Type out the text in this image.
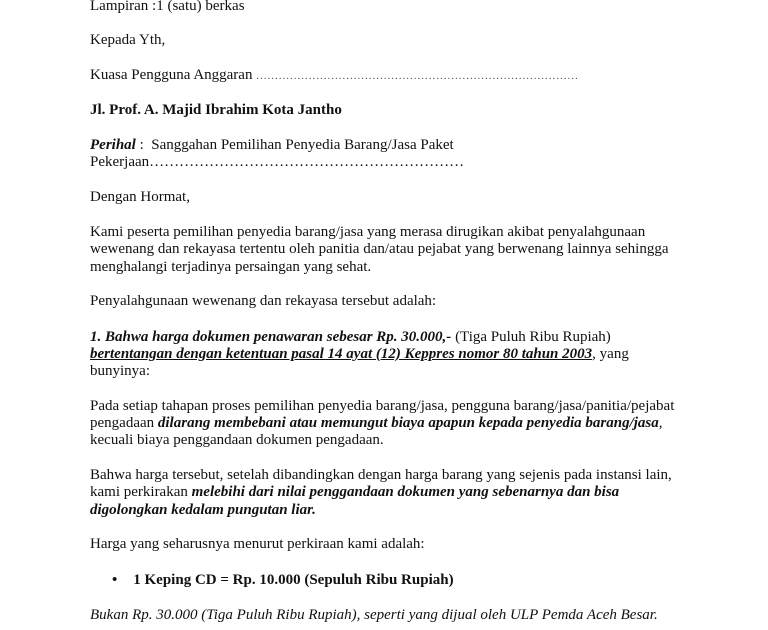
Lampiran :1 (satu) berkas
Kepada Yth,
Kuasa Pengguna Anggaran ......................................................................................
Jl. Prof. A. Majid Ibrahim Kota Jantho
Perihal :  Sanggahan Pemilihan Penyedia Barang/Jasa Paket
Pekerjaan………………………………………………………
Dengan Hormat,
Kami peserta pemilihan penyedia barang/jasa yang merasa dirugikan akibat penyalahgunaan
wewenang dan rekayasa tertentu oleh panitia dan/atau pejabat yang berwenang lainnya sehingga
menghalangi terjadinya persaingan yang sehat.
Penyalahgunaan wewenang dan rekayasa tersebut adalah:
1. Bahwa harga dokumen penawaran sebesar Rp. 30.000,- (Tiga Puluh Ribu Rupiah)
bertentangan dengan ketentuan pasal 14 ayat (12) Keppres nomor 80 tahun 2003, yang
bunyinya:
Pada setiap tahapan proses pemilihan penyedia barang/jasa, pengguna barang/jasa/panitia/pejabat
pengadaan dilarang membebani atau memungut biaya apapun kepada penyedia barang/jasa,
kecuali biaya penggandaan dokumen pengadaan.
Bahwa harga tersebut, setelah dibandingkan dengan harga barang yang sejenis pada instansi lain,
kami perkirakan melebihi dari nilai penggandaan dokumen yang sebenarnya dan bisa
digolongkan kedalam pungutan liar.
Harga yang seharusnya menurut perkiraan kami adalah:
• 1 Keping CD = Rp. 10.000 (Sepuluh Ribu Rupiah)
Bukan Rp. 30.000 (Tiga Puluh Ribu Rupiah), seperti yang dijual oleh ULP Pemda Aceh Besar.
